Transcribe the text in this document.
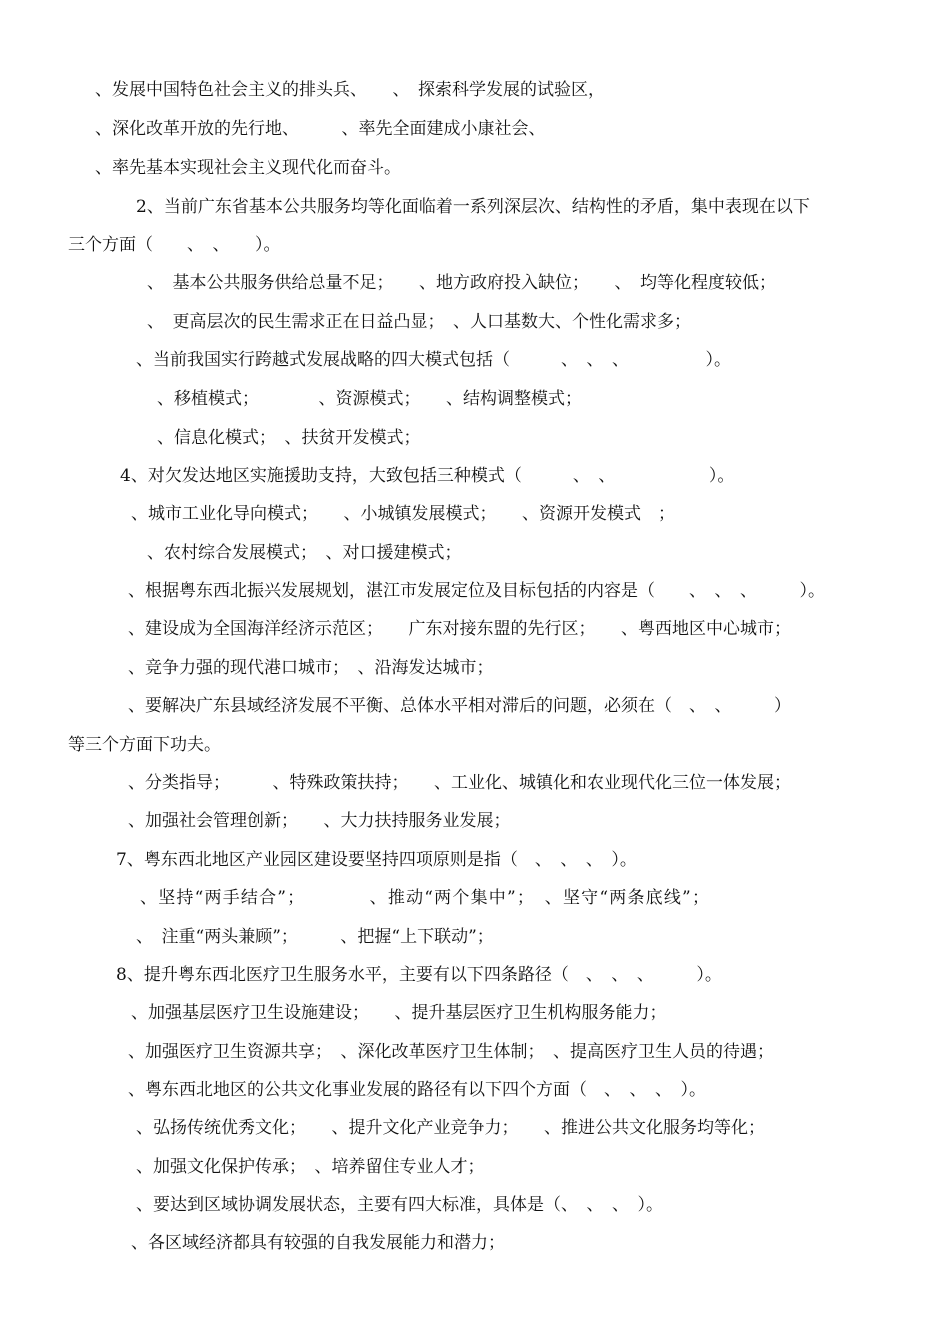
、发展中国特色社会主义的排头兵、　　、　探索科学发展的试验区，
、深化改革开放的先行地、　　　、率先全面建成小康社会、
、率先基本实现社会主义现代化而奋斗。
2、当前广东省基本公共服务均等化面临着一系列深层次、结构性的矛盾，集中表现在以下
三个方面（　　、　、　　）。
、　基本公共服务供给总量不足；　　、地方政府投入缺位；　　、　均等化程度较低；
、　更高层次的民生需求正在日益凸显；　、人口基数大、个性化需求多；
、当前我国实行跨越式发展战略的四大模式包括（　　　、　、　、　　　　　）。
、移植模式；　　　　、资源模式；　　、结构调整模式；
、信息化模式；　、扶贫开发模式；
4、对欠发达地区实施援助支持，大致包括三种模式（　　　、　、　　　　　　）。
、城市工业化导向模式；　　、小城镇发展模式；　　、资源开发模式　；
、农村综合发展模式；　、对口援建模式；
、根据粤东西北振兴发展规划，湛江市发展定位及目标包括的内容是（　　、　、　、　　　）。
、建设成为全国海洋经济示范区；　　广东对接东盟的先行区；　　、粤西地区中心城市；
、竞争力强的现代港口城市；　、沿海发达城市；
、要解决广东县域经济发展不平衡、总体水平相对滞后的问题，必须在（　、　、　　　）
等三个方面下功夫。
、分类指导；　　　、特殊政策扶持；　　、工业化、城镇化和农业现代化三位一体发展；
、加强社会管理创新；　　、大力扶持服务业发展；
7、粤东西北地区产业园区建设要坚持四项原则是指（　、　、　、　）。
、坚持“两手结合”；　　　　、推动“两个集中”；　、坚守“两条底线”；
、　注重“两头兼顾”；　　　、把握“上下联动”；
8、提升粤东西北医疗卫生服务水平，主要有以下四条路径（　、　、　、　　　）。
、加强基层医疗卫生设施建设；　　、提升基层医疗卫生机构服务能力；
、加强医疗卫生资源共享；　、深化改革医疗卫生体制；　、提高医疗卫生人员的待遇；
、粤东西北地区的公共文化事业发展的路径有以下四个方面（　、　、　、　）。
、弘扬传统优秀文化；　　、提升文化产业竞争力；　　、推进公共文化服务均等化；
、加强文化保护传承；　、培养留住专业人才；
、要达到区域协调发展状态，主要有四大标准，具体是（、　、　、　）。
、各区域经济都具有较强的自我发展能力和潜力；
